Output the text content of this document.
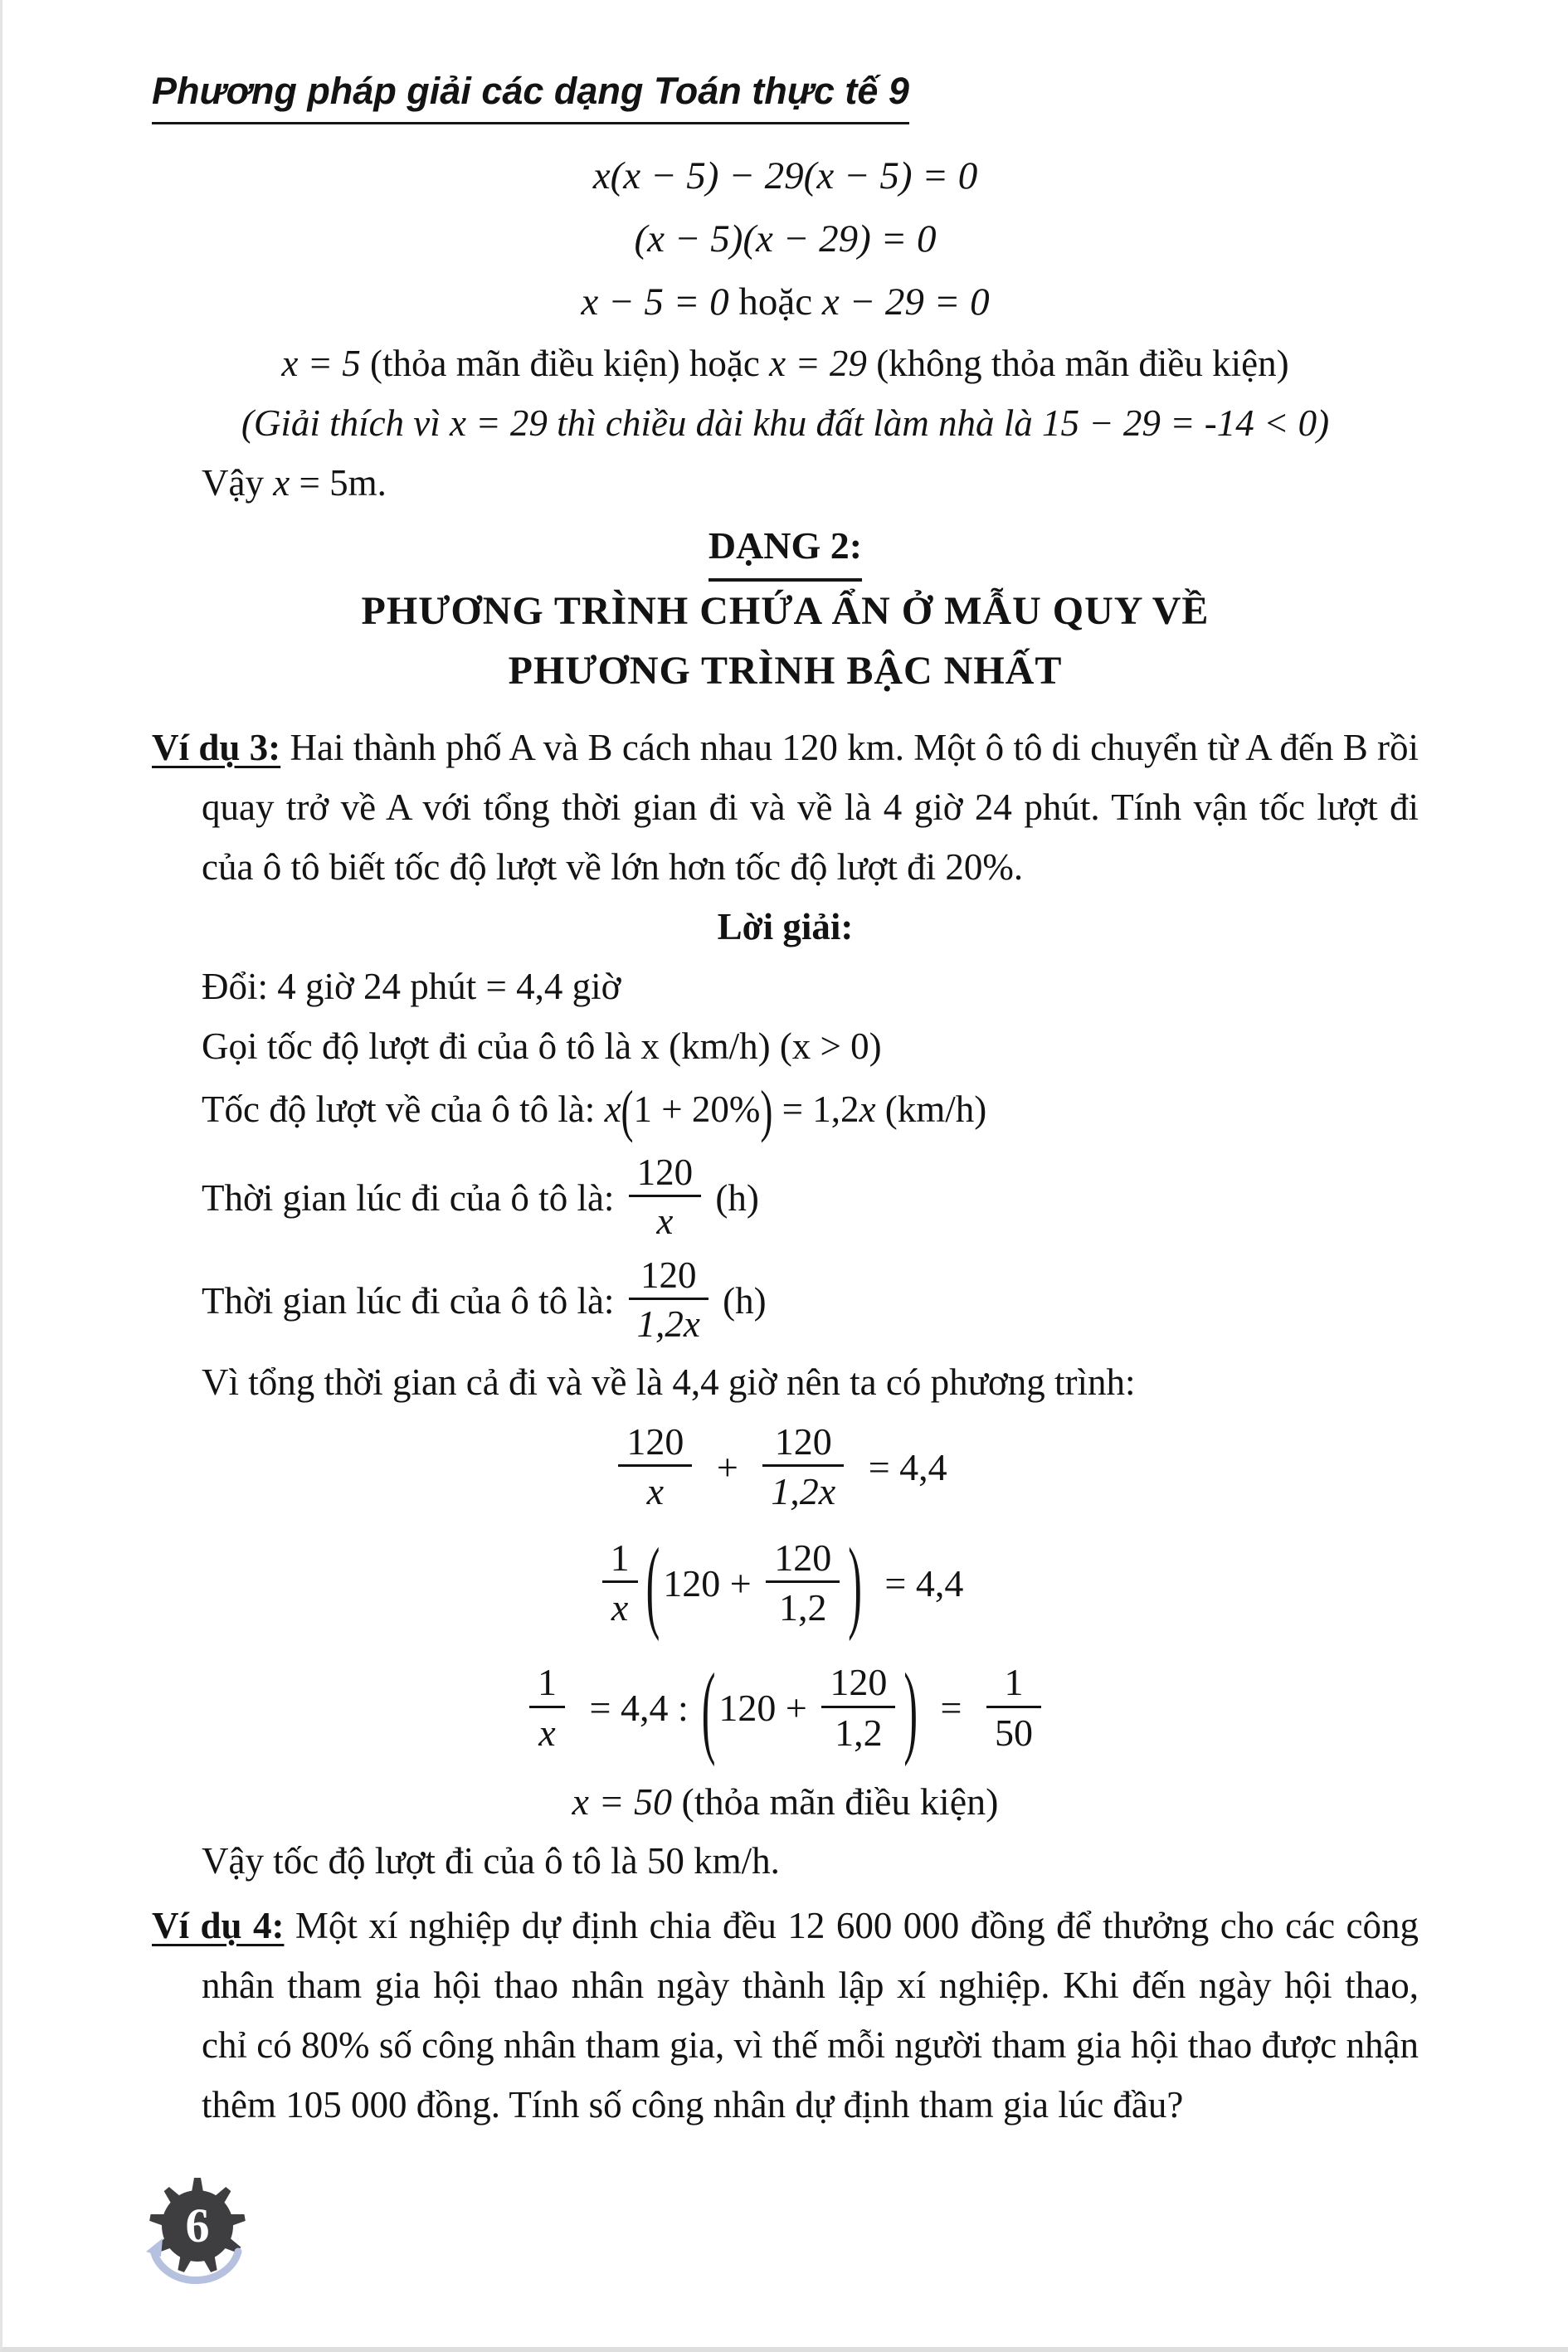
Phương pháp giải các dạng Toán thực tế 9
x(x − 5) − 29(x − 5) = 0
(x − 5)(x − 29) = 0
x − 5 = 0 hoặc x − 29 = 0
x = 5 (thỏa mãn điều kiện) hoặc x = 29 (không thỏa mãn điều kiện)
(Giải thích vì x = 29 thì chiều dài khu đất làm nhà là 15 − 29 = -14 < 0)
Vậy x = 5m.
DẠNG 2:
PHƯƠNG TRÌNH CHỨA ẨN Ở MẪU QUY VỀ
PHƯƠNG TRÌNH BẬC NHẤT

Ví dụ 3: Hai thành phố A và B cách nhau 120 km. Một ô tô di chuyển từ A đến B rồi quay trở về A với tổng thời gian đi và về là 4 giờ 24 phút. Tính vận tốc lượt đi của ô tô biết tốc độ lượt về lớn hơn tốc độ lượt đi 20%.

Lời giải:
Đổi: 4 giờ 24 phút = 4,4 giờ
Gọi tốc độ lượt đi của ô tô là x (km/h) (x > 0)
Tốc độ lượt về của ô tô là: x(1 + 20%) = 1,2x (km/h)
Thời gian lúc đi của ô tô là: $\frac{120}{x} (h)$
Thời gian lúc đi của ô tô là: $\frac{120}{1,2x} (h)$
Vì tổng thời gian cả đi và về là 4,4 giờ nên ta có phương trình:
$\frac{120}{x} + \frac{120}{1,2x} = 4,4$
$\frac{1}{x} (120 + \frac{120}{1,2}$ ) = 4,4
$\frac{1}{x} = 4,4$ : ($120 + \frac{120}{1,2}$ ) = $\frac{1}{50}$
x = 50 (thỏa mãn điều kiện)
Vậy tốc độ lượt đi của ô tô là 50 km/h.

Ví dụ 4: Một xí nghiệp dự định chia đều 12 600 000 đồng để thưởng cho các công nhân tham gia hội thao nhân ngày thành lập xí nghiệp. Khi đến ngày hội thao, chỉ có 80% số công nhân tham gia, vì thế mỗi người tham gia hội thao được nhận thêm 105 000 đồng. Tính số công nhân dự định tham gia lúc đầu?

6
